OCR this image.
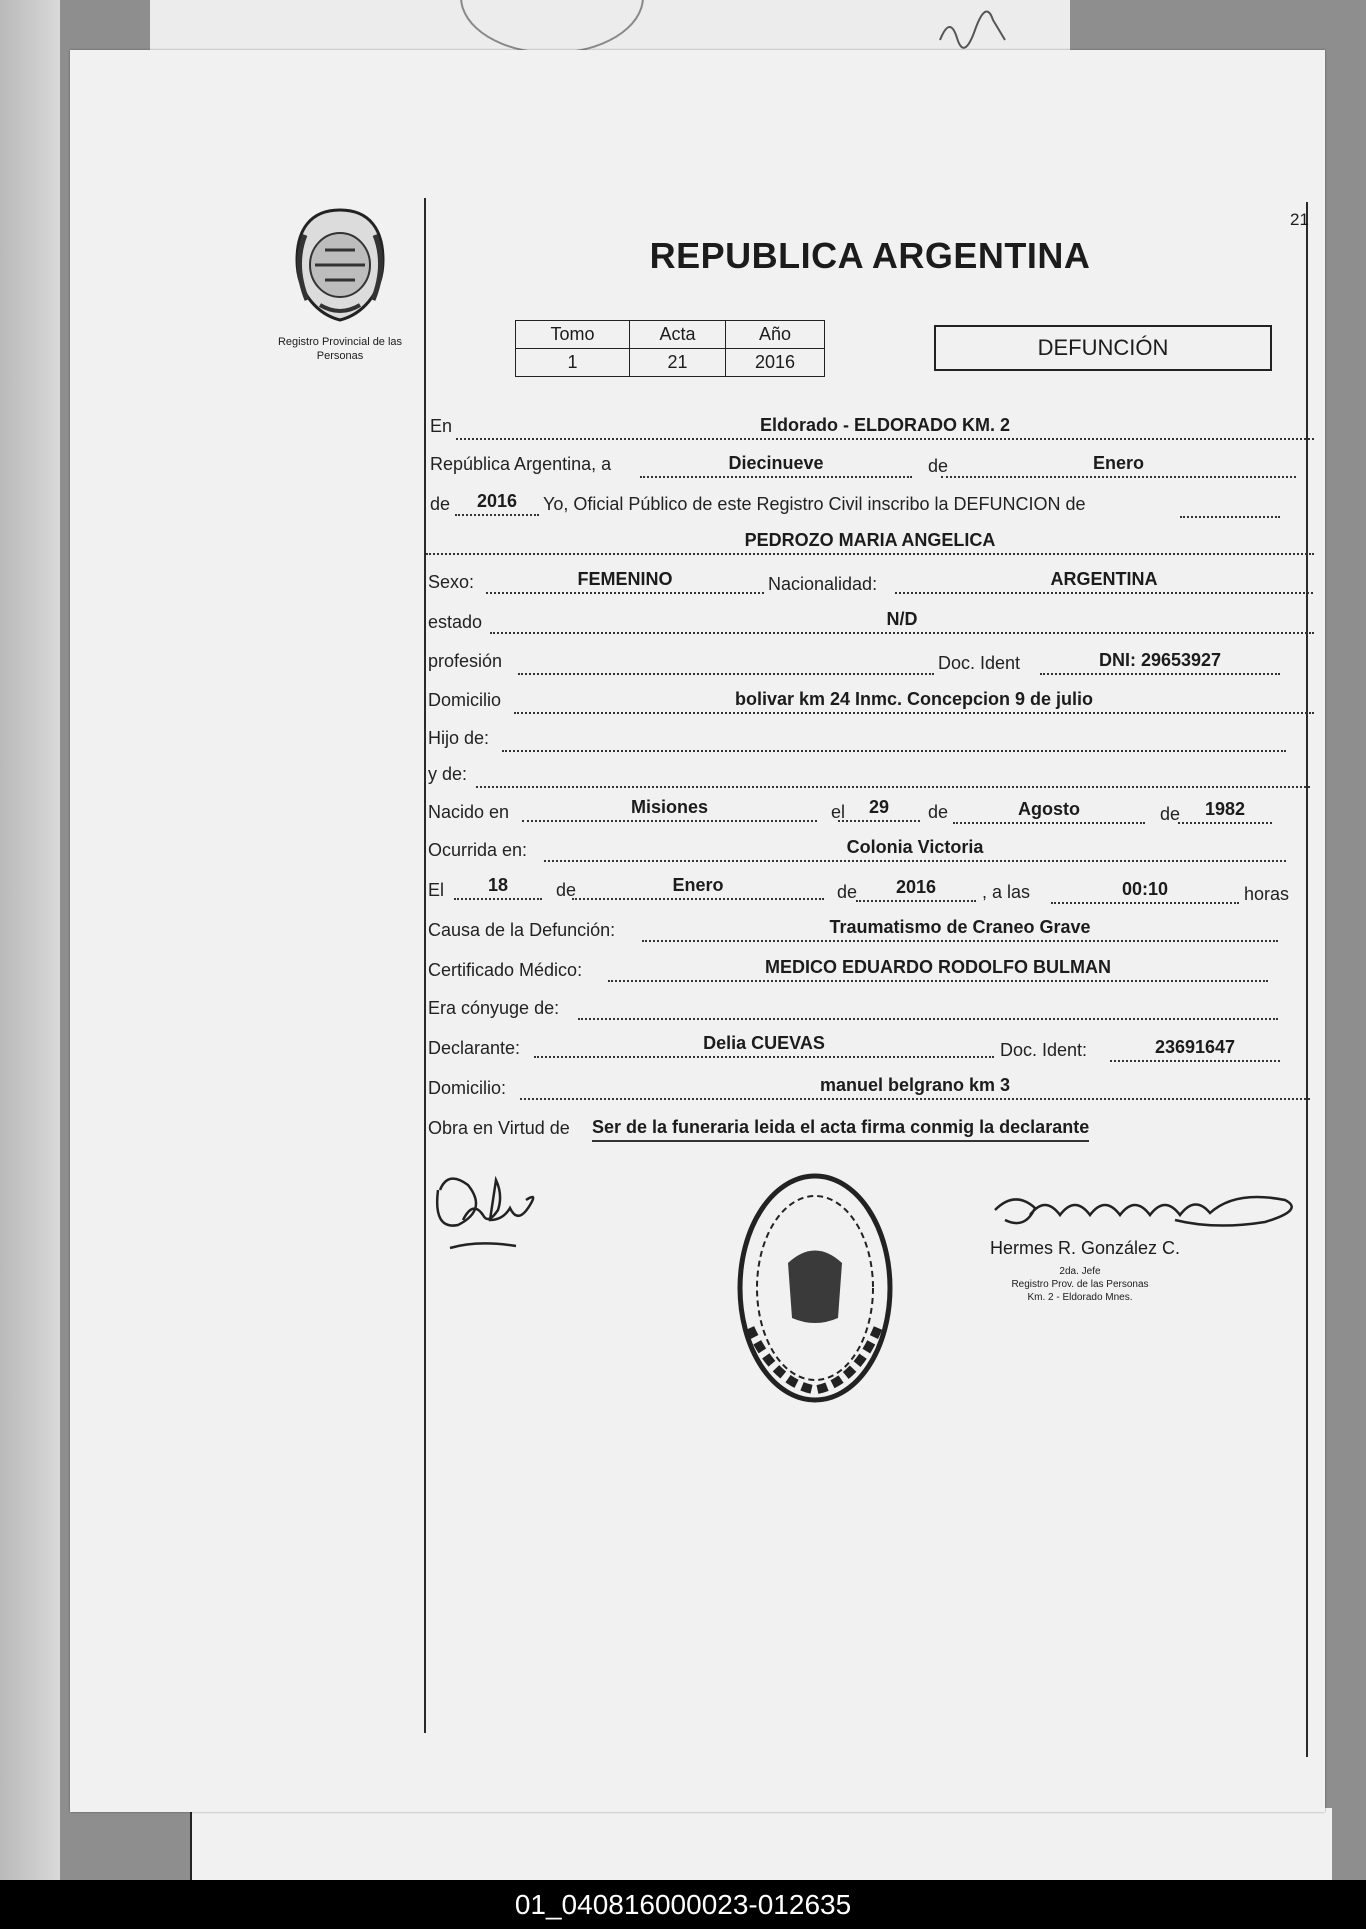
21
Registro Provincial de las Personas
REPUBLICA ARGENTINA
Tomo	Acta	Año
1	21	2016
DEFUNCIÓN
En	Eldorado - ELDORADO KM. 2
República Argentina, a	Diecinueve	de	Enero
de	2016	Yo, Oficial Público de este Registro Civil inscribo la DEFUNCION de
PEDROZO MARIA ANGELICA
Sexo:	FEMENINO	Nacionalidad:	ARGENTINA
estado	N/D
profesión	Doc. Ident	DNI: 29653927
Domicilio	bolivar km 24 Inmc. Concepcion 9 de julio
Hijo de:
y de:
Nacido en	Misiones	el	29	de	Agosto	de	1982
Ocurrida en:	Colonia Victoria
El	18	de	Enero	de	2016	, a las	00:10	horas
Causa de la Defunción:	Traumatismo de Craneo Grave
Certificado Médico:	MEDICO EDUARDO RODOLFO BULMAN
Era cónyuge de:
Declarante:	Delia CUEVAS	Doc. Ident:	23691647
Domicilio:	manuel belgrano km 3
Obra en Virtud de Ser de la funeraria leida el acta firma conmig la declarante
Hermes R. González C.
2da. Jefe
Registro Prov. de las Personas
Km. 2 - Eldorado Mnes.
01_040816000023-012635
